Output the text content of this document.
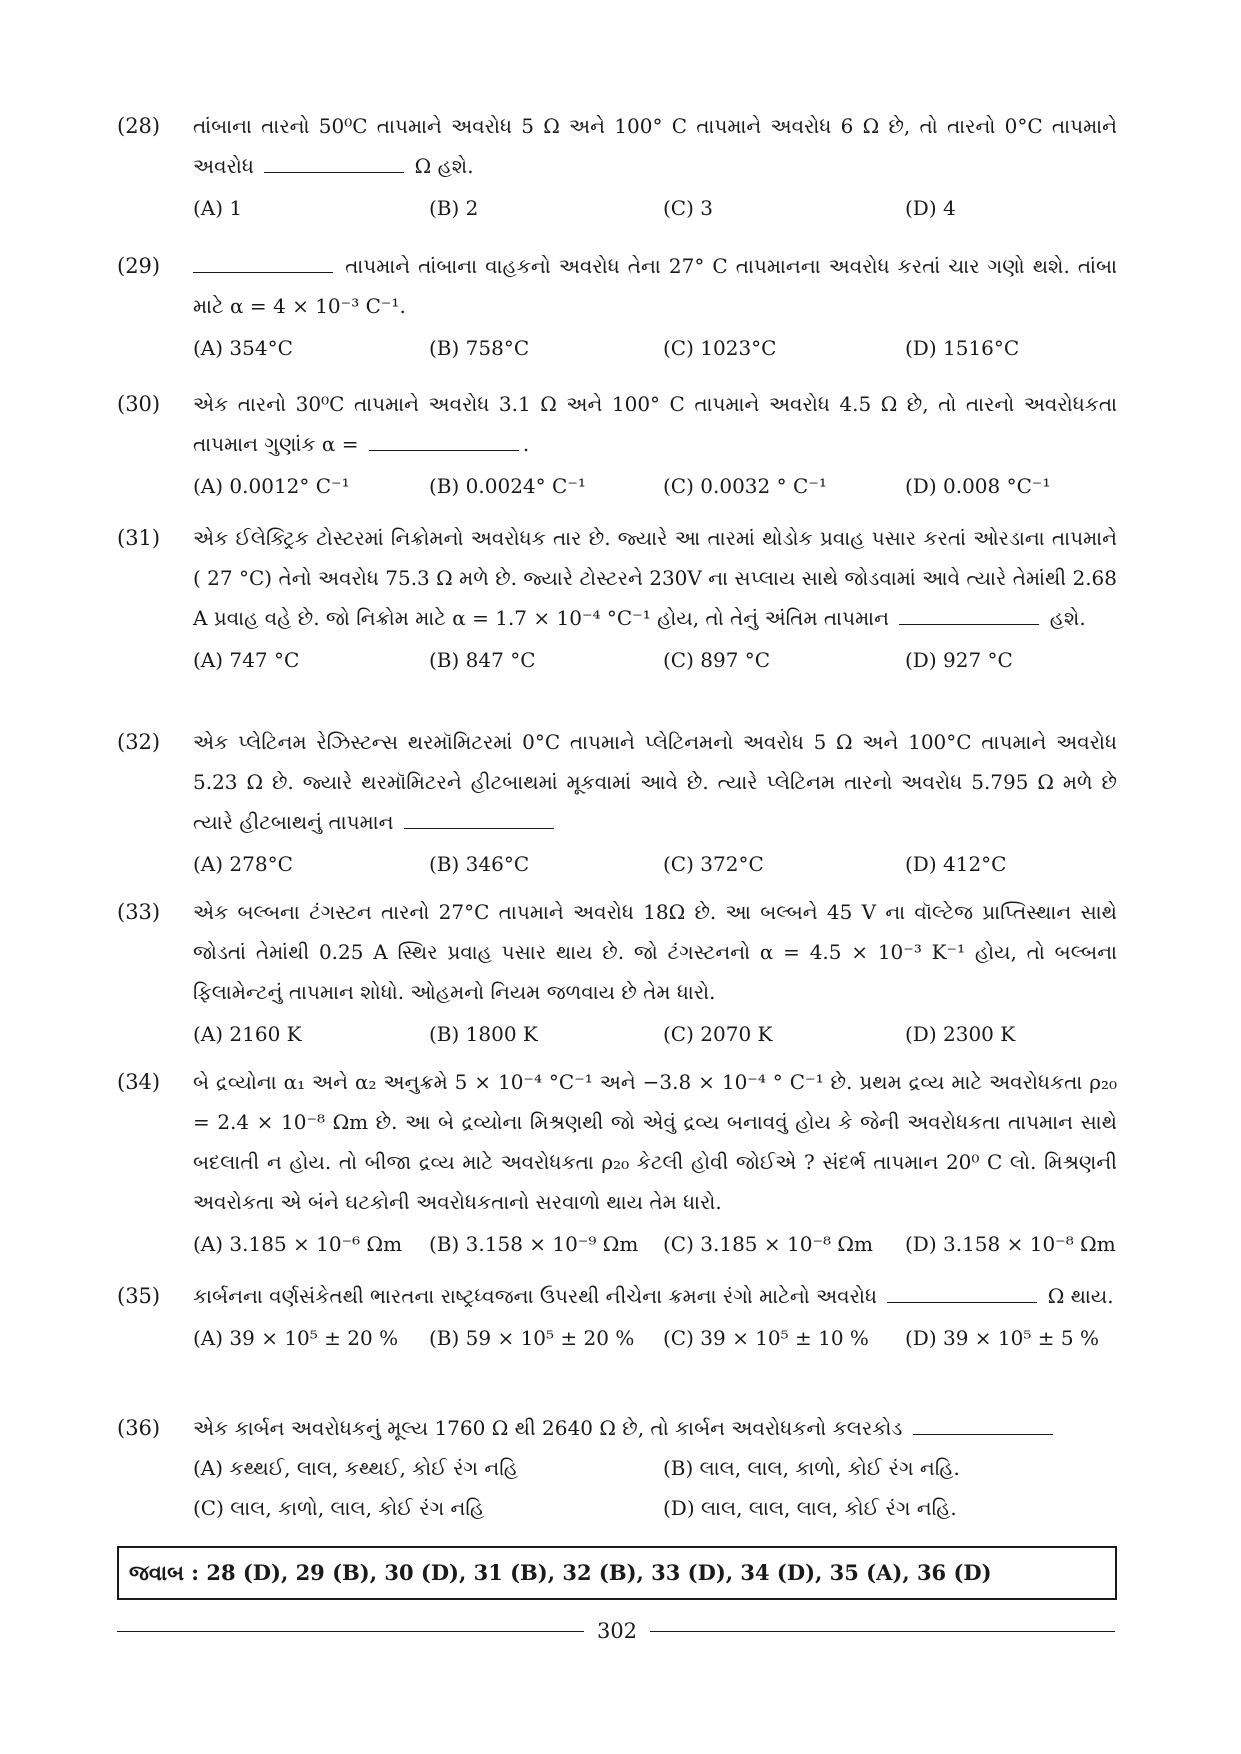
(28) તાંબાના તારનો 50⁰C તાપમાને અવરોધ 5 Ω અને 100° C તાપમાને અવરોધ 6 Ω છે, તો તારનો 0°C તાપમાને અવરોધ	Ω હશે.
(A) 1	(B) 2	(C) 3	(D) 4
(29)	તાપમાને તાંબાના વાહકનો અવરોધ તેના 27° C તાપમાનના અવરોધ કરતાં ચાર ગણો થશે. તાંબા માટે α = 4 × 10⁻³ C⁻¹.
(A) 354°C	(B) 758°C	(C) 1023°C	(D) 1516°C
(30) એક તારનો 30⁰C તાપમાને અવરોધ 3.1 Ω અને 100° C તાપમાને અવરોધ 4.5 Ω છે, તો તારનો અવરોધકતા તાપમાન ગુણાંક α =	.
(A) 0.0012° C⁻¹	(B) 0.0024° C⁻¹	(C) 0.0032 ° C⁻¹	(D) 0.008 °C⁻¹
(31) એક ઈલેક્ટ્રિક ટોસ્ટરમાં નિક્રોમનો અવરોધક તાર છે. જ્યારે આ તારમાં થોડોક પ્રવાહ પસાર કરતાં ઓરડાના તાપમાને ( 27 °C) તેનો અવરોધ 75.3 Ω મળે છે. જ્યારે ટોસ્ટરને 230V ના સપ્લાય સાથે જોડવામાં આવે ત્યારે તેમાંથી 2.68 A પ્રવાહ વહે છે. જો નિક્રોમ માટે α = 1.7 × 10⁻⁴ °C⁻¹ હોય, તો તેનું અંતિમ તાપમાન	હશે.
(A) 747 °C	(B) 847 °C	(C) 897 °C	(D) 927 °C
(32) એક પ્લેટિનમ રેઝિસ્ટન્સ થરમૉમિટરમાં 0°C તાપમાને પ્લેટિનમનો અવરોધ 5 Ω અને 100°C તાપમાને અવરોધ 5.23 Ω છે. જ્યારે થરમૉમિટરને હીટબાથમાં મૂકવામાં આવે છે. ત્યારે પ્લેટિનમ તારનો અવરોધ 5.795 Ω મળે છે ત્યારે હીટબાથનું તાપમાન
(A) 278°C	(B) 346°C	(C) 372°C	(D) 412°C
(33) એક બલ્બના ટંગસ્ટન તારનો 27°C તાપમાને અવરોધ 18Ω છે. આ બલ્બને 45 V ના વૉલ્ટેજ પ્રાપ્તિસ્થાન સાથે જોડતાં તેમાંથી 0.25 A સ્થિર પ્રવાહ પસાર થાય છે. જો ટંગસ્ટનનો α = 4.5 × 10⁻³ K⁻¹ હોય, તો બલ્બના ફિલામેન્ટનું તાપમાન શોધો. ઓહમનો નિયમ જળવાય છે તેમ ધારો.
(A) 2160 K	(B) 1800 K	(C) 2070 K	(D) 2300 K
(34) બે દ્રવ્યોના α₁ અને α₂ અનુક્રમે 5 × 10⁻⁴ °C⁻¹ અને −3.8 × 10⁻⁴ ° C⁻¹ છે. પ્રથમ દ્રવ્ય માટે અવરોધકતા ρ₂₀ = 2.4 × 10⁻⁸ Ωm છે. આ બે દ્રવ્યોના મિશ્રણથી જો એવું દ્રવ્ય બનાવવું હોય કે જેની અવરોધકતા તાપમાન સાથે બદલાતી ન હોય. તો બીજા દ્રવ્ય માટે અવરોધકતા ρ₂₀ કેટલી હોવી જોઈએ ? સંદર્ભ તાપમાન 20⁰ C લો. મિશ્રણની અવરોકતા એ બંને ઘટકોની અવરોધકતાનો સરવાળો થાય તેમ ધારો.
(A) 3.185 × 10⁻⁶ Ωm (B) 3.158 × 10⁻⁹ Ωm (C) 3.185 × 10⁻⁸ Ωm (D) 3.158 × 10⁻⁸ Ωm
(35) કાર્બનના વર્ણસંકેતથી ભારતના રાષ્ટ્રધ્વજના ઉપરથી નીચેના ક્રમના રંગો માટેનો અવરોધ	Ω થાય.
(A) 39 × 10⁵ ± 20 % (B) 59 × 10⁵ ± 20 % (C) 39 × 10⁵ ± 10 % (D) 39 × 10⁵ ± 5 %
(36) એક કાર્બન અવરોધકનું મૂલ્ય 1760 Ω થી 2640 Ω છે, તો કાર્બન અવરોધકનો કલરકોડ
(A) કથ્થઈ, લાલ, કથ્થઈ, કોઈ રંગ નહિ	(B) લાલ, લાલ, કાળો, કોઈ રંગ નહિ.
(C) લાલ, કાળો, લાલ, કોઈ રંગ નહિ	(D) લાલ, લાલ, લાલ, કોઈ રંગ નહિ.
જવાબ : 28 (D), 29 (B), 30 (D), 31 (B), 32 (B), 33 (D), 34 (D), 35 (A), 36 (D)
302
